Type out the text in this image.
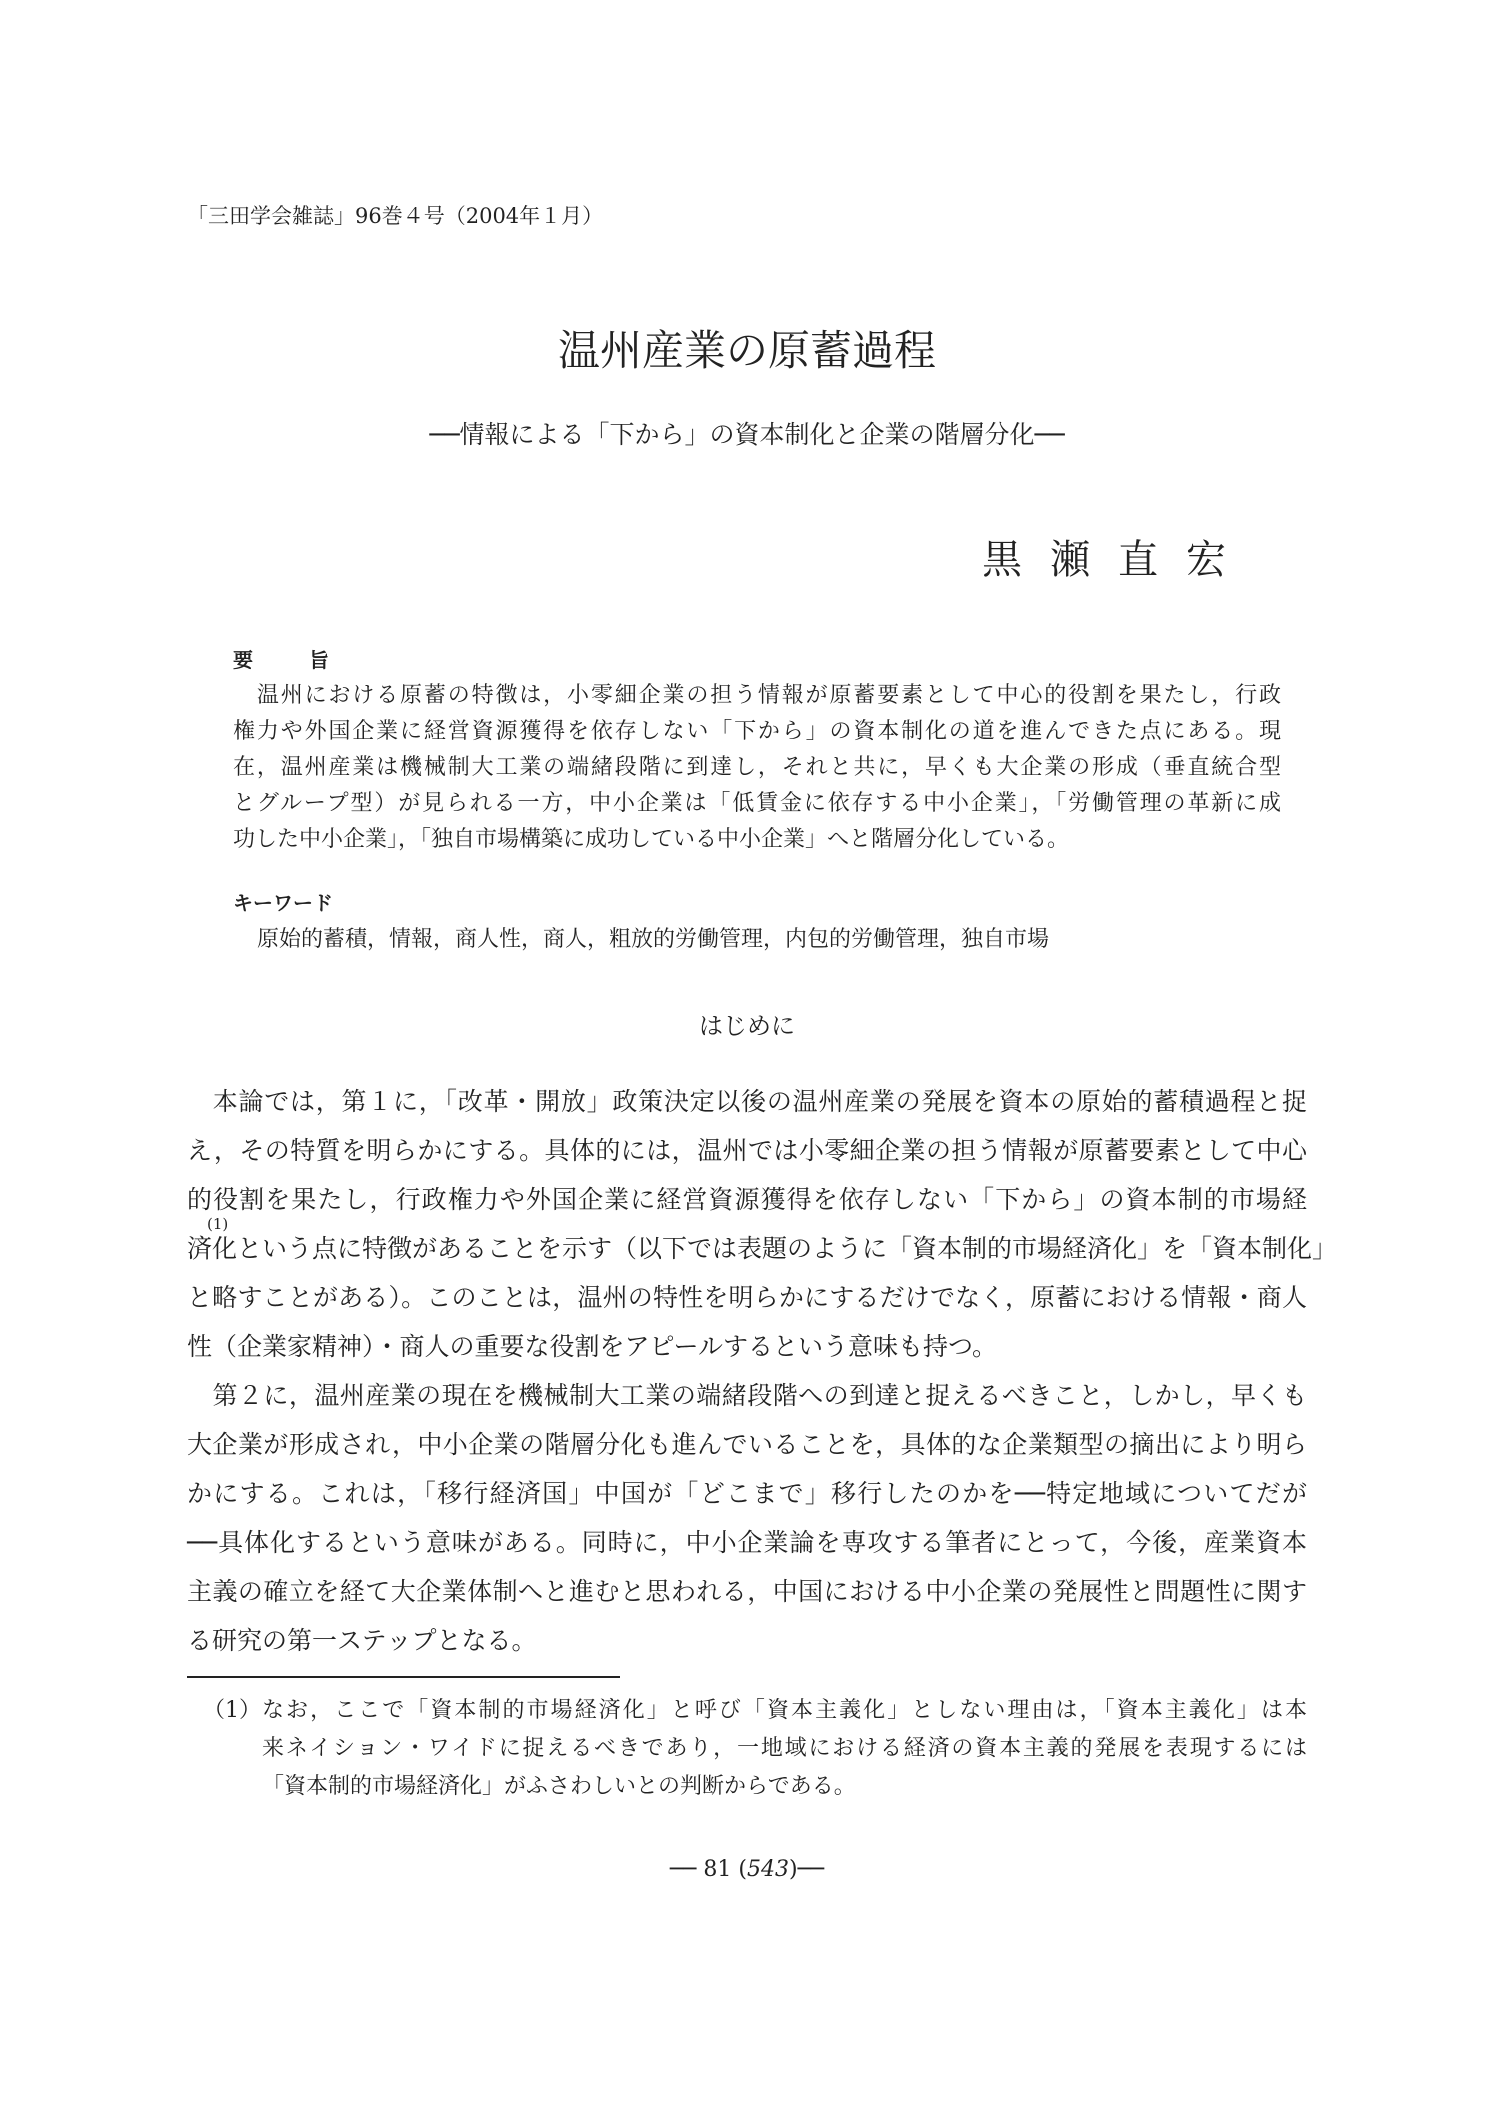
「三田学会雑誌」96巻４号（2004年１月）
温州産業の原蓄過程
──情報による「下から」の資本制化と企業の階層分化──
黒瀬直宏
要旨
　温州における原蓄の特徴は，小零細企業の担う情報が原蓄要素として中心的役割を果たし，行政
権力や外国企業に経営資源獲得を依存しない「下から」の資本制化の道を進んできた点にある。現
在，温州産業は機械制大工業の端緒段階に到達し，それと共に，早くも大企業の形成（垂直統合型
とグループ型）が見られる一方，中小企業は「低賃金に依存する中小企業」，「労働管理の革新に成
功した中小企業」，「独自市場構築に成功している中小企業」へと階層分化している。
キーワード
原始的蓄積，情報，商人性，商人，粗放的労働管理，内包的労働管理，独自市場
はじめに
　本論では，第１に，「改革・開放」政策決定以後の温州産業の発展を資本の原始的蓄積過程と捉
え，その特質を明らかにする。具体的には，温州では小零細企業の担う情報が原蓄要素として中心
的役割を果たし，行政権力や外国企業に経営資源獲得を依存しない「下から」の資本制的市場経
(1)
済化という点に特徴があることを示す（以下では表題のように「資本制的市場経済化」を「資本制化」
と略すことがある）。このことは，温州の特性を明らかにするだけでなく，原蓄における情報・商人
性（企業家精神）・商人の重要な役割をアピールするという意味も持つ。
　第２に，温州産業の現在を機械制大工業の端緒段階への到達と捉えるべきこと，しかし，早くも
大企業が形成され，中小企業の階層分化も進んでいることを，具体的な企業類型の摘出により明ら
かにする。これは，「移行経済国」中国が「どこまで」移行したのかを──特定地域についてだが
──具体化するという意味がある。同時に，中小企業論を専攻する筆者にとって，今後，産業資本
主義の確立を経て大企業体制へと進むと思われる，中国における中小企業の発展性と問題性に関す
る研究の第一ステップとなる。
（1） なお，ここで「資本制的市場経済化」と呼び「資本主義化」としない理由は，「資本主義化」は本
来ネイション・ワイドに捉えるべきであり，一地域における経済の資本主義的発展を表現するには
「資本制的市場経済化」がふさわしいとの判断からである。
── 81 (543)──
